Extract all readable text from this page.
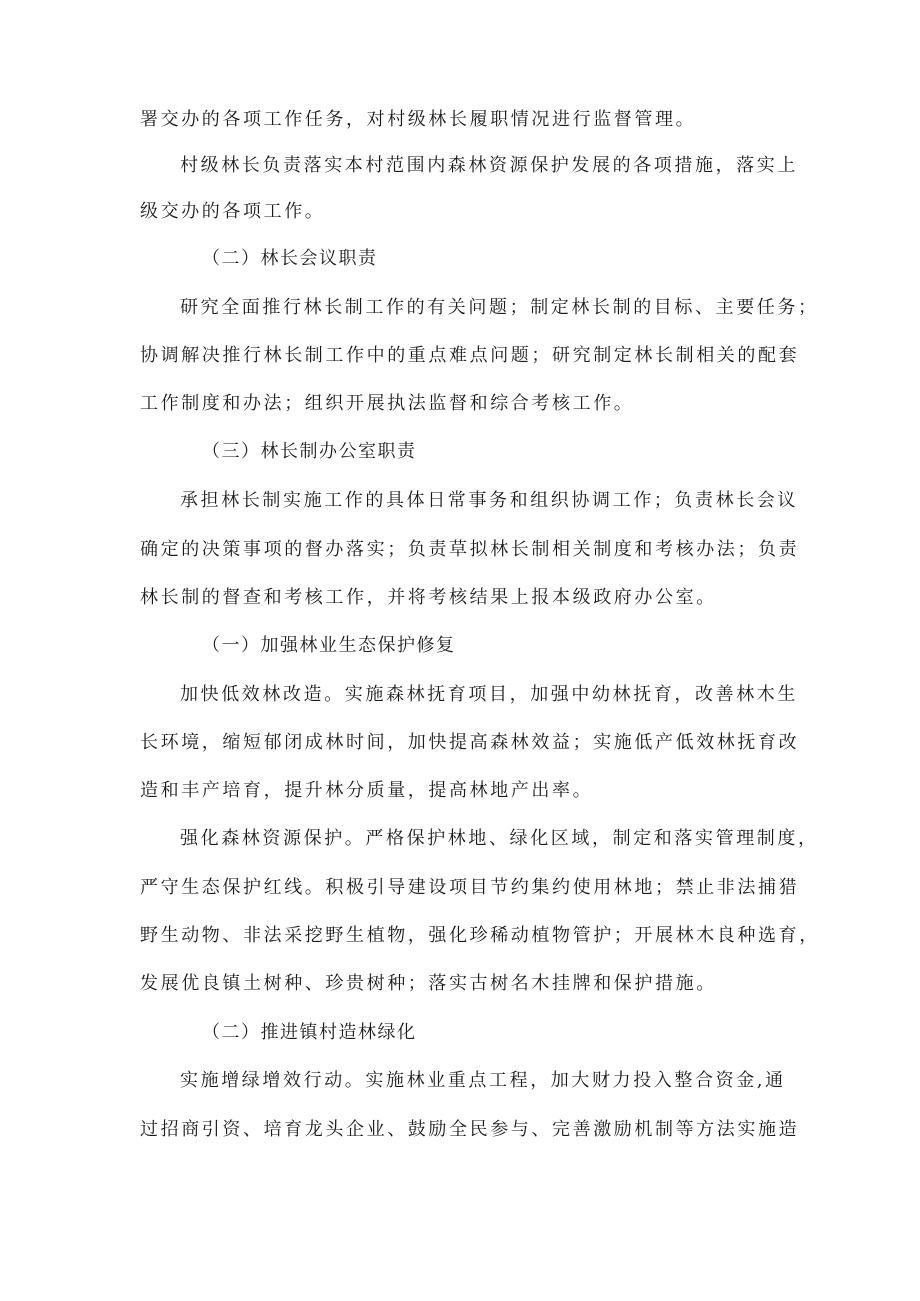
署交办的各项工作任务，对村级林长履职情况进行监督管理。
村级林长负责落实本村范围内森林资源保护发展的各项措施，落实上
级交办的各项工作。
（二）林长会议职责
研究全面推行林长制工作的有关问题；制定林长制的目标、主要任务；
协调解决推行林长制工作中的重点难点问题；研究制定林长制相关的配套
工作制度和办法；组织开展执法监督和综合考核工作。
（三）林长制办公室职责
承担林长制实施工作的具体日常事务和组织协调工作；负责林长会议
确定的决策事项的督办落实；负责草拟林长制相关制度和考核办法；负责
林长制的督查和考核工作，并将考核结果上报本级政府办公室。
（一）加强林业生态保护修复
加快低效林改造。实施森林抚育项目，加强中幼林抚育，改善林木生
长环境，缩短郁闭成林时间，加快提高森林效益；实施低产低效林抚育改
造和丰产培育，提升林分质量，提高林地产出率。
强化森林资源保护。严格保护林地、绿化区域，制定和落实管理制度，
严守生态保护红线。积极引导建设项目节约集约使用林地；禁止非法捕猎
野生动物、非法采挖野生植物，强化珍稀动植物管护；开展林木良种选育，
发展优良镇土树种、珍贵树种；落实古树名木挂牌和保护措施。
（二）推进镇村造林绿化
实施增绿增效行动。实施林业重点工程，加大财力投入整合资金,通
过招商引资、培育龙头企业、鼓励全民参与、完善激励机制等方法实施造
